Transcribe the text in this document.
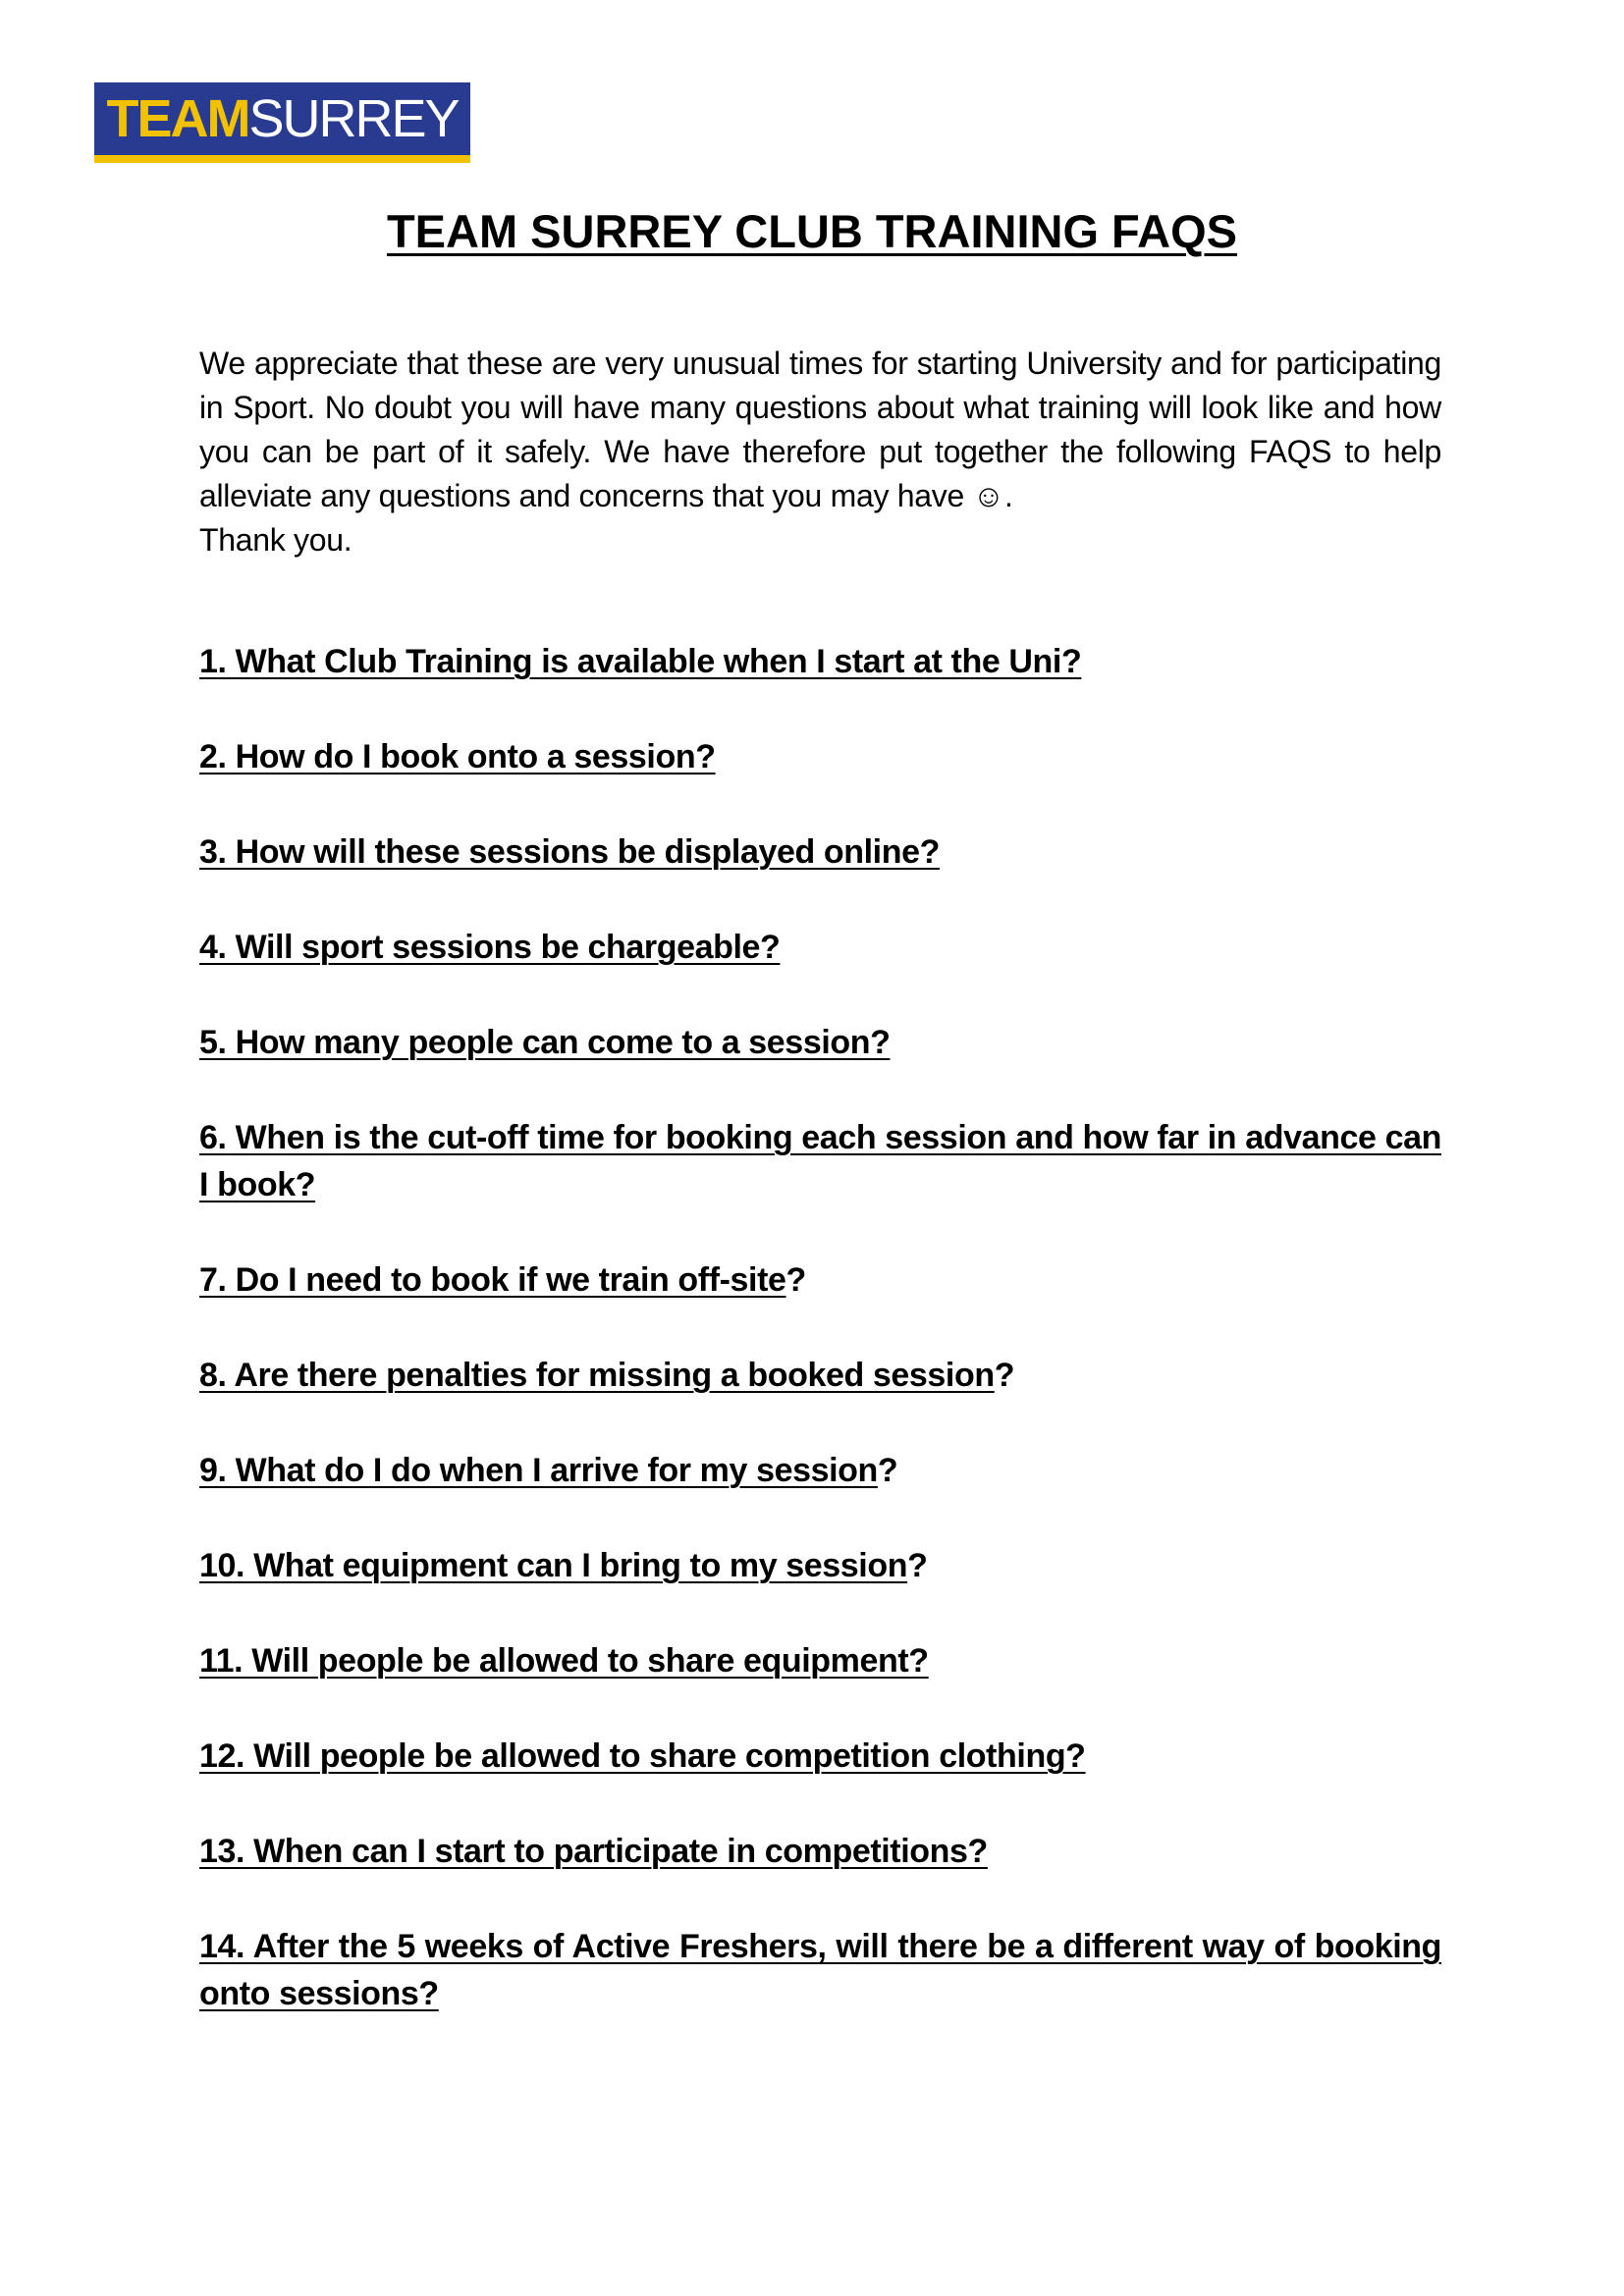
TEAM SURREY
TEAM SURREY CLUB TRAINING FAQS

We appreciate that these are very unusual times for starting University and for participating in Sport. No doubt you will have many questions about what training will look like and how you can be part of it safely. We have therefore put together the following FAQS to help alleviate any questions and concerns that you may have ☺.
Thank you.

1. What Club Training is available when I start at the Uni?

2. How do I book onto a session?

3. How will these sessions be displayed online?

4. Will sport sessions be chargeable?

5. How many people can come to a session?

6. When is the cut-off time for booking each session and how far in advance can I book?

7. Do I need to book if we train off-site?

8. Are there penalties for missing a booked session?

9. What do I do when I arrive for my session?

10. What equipment can I bring to my session?

11. Will people be allowed to share equipment?

12. Will people be allowed to share competition clothing?

13. When can I start to participate in competitions?

14. After the 5 weeks of Active Freshers, will there be a different way of booking onto sessions?
